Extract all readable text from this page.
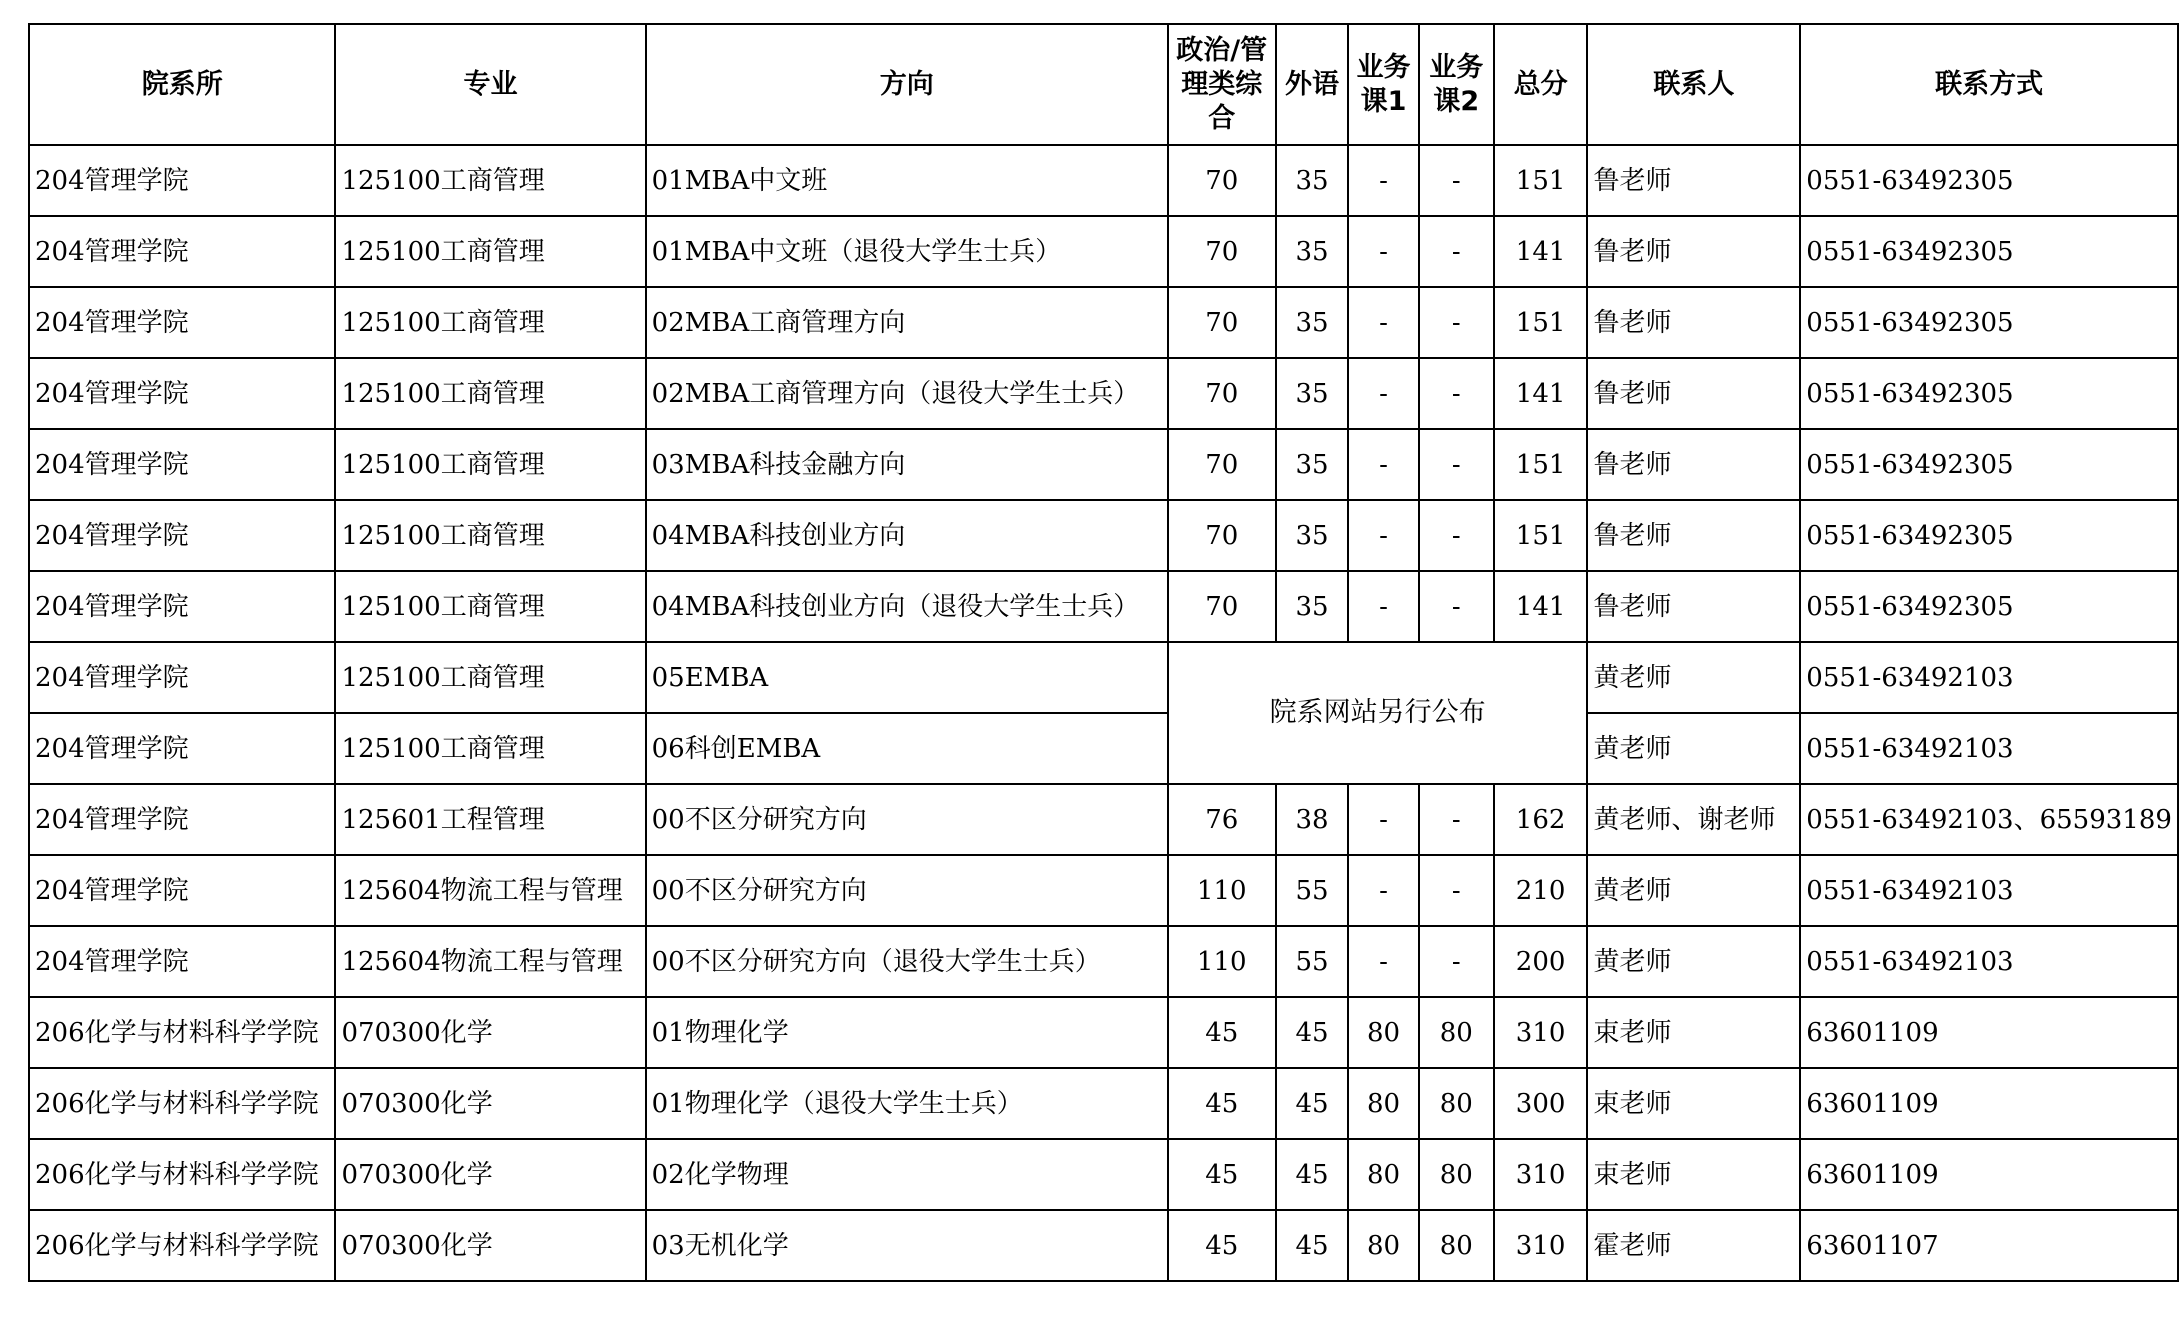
院系所	专业	方向	政治/管理类综合	外语	业务课1	业务课2	总分	联系人	联系方式
204管理学院	125100工商管理	01MBA中文班	70	35	-	-	151	鲁老师	0551-63492305
204管理学院	125100工商管理	01MBA中文班（退役大学生士兵）	70	35	-	-	141	鲁老师	0551-63492305
204管理学院	125100工商管理	02MBA工商管理方向	70	35	-	-	151	鲁老师	0551-63492305
204管理学院	125100工商管理	02MBA工商管理方向（退役大学生士兵）	70	35	-	-	141	鲁老师	0551-63492305
204管理学院	125100工商管理	03MBA科技金融方向	70	35	-	-	151	鲁老师	0551-63492305
204管理学院	125100工商管理	04MBA科技创业方向	70	35	-	-	151	鲁老师	0551-63492305
204管理学院	125100工商管理	04MBA科技创业方向（退役大学生士兵）	70	35	-	-	141	鲁老师	0551-63492305
204管理学院	125100工商管理	05EMBA	院系网站另行公布					黄老师	0551-63492103
204管理学院	125100工商管理	06科创EMBA						黄老师	0551-63492103
204管理学院	125601工程管理	00不区分研究方向	76	38	-	-	162	黄老师、谢老师	0551-63492103、65593189
204管理学院	125604物流工程与管理	00不区分研究方向	110	55	-	-	210	黄老师	0551-63492103
204管理学院	125604物流工程与管理	00不区分研究方向（退役大学生士兵）	110	55	-	-	200	黄老师	0551-63492103
206化学与材料科学学院	070300化学	01物理化学	45	45	80	80	310	束老师	63601109
206化学与材料科学学院	070300化学	01物理化学（退役大学生士兵）	45	45	80	80	300	束老师	63601109
206化学与材料科学学院	070300化学	02化学物理	45	45	80	80	310	束老师	63601109
206化学与材料科学学院	070300化学	03无机化学	45	45	80	80	310	霍老师	63601107
